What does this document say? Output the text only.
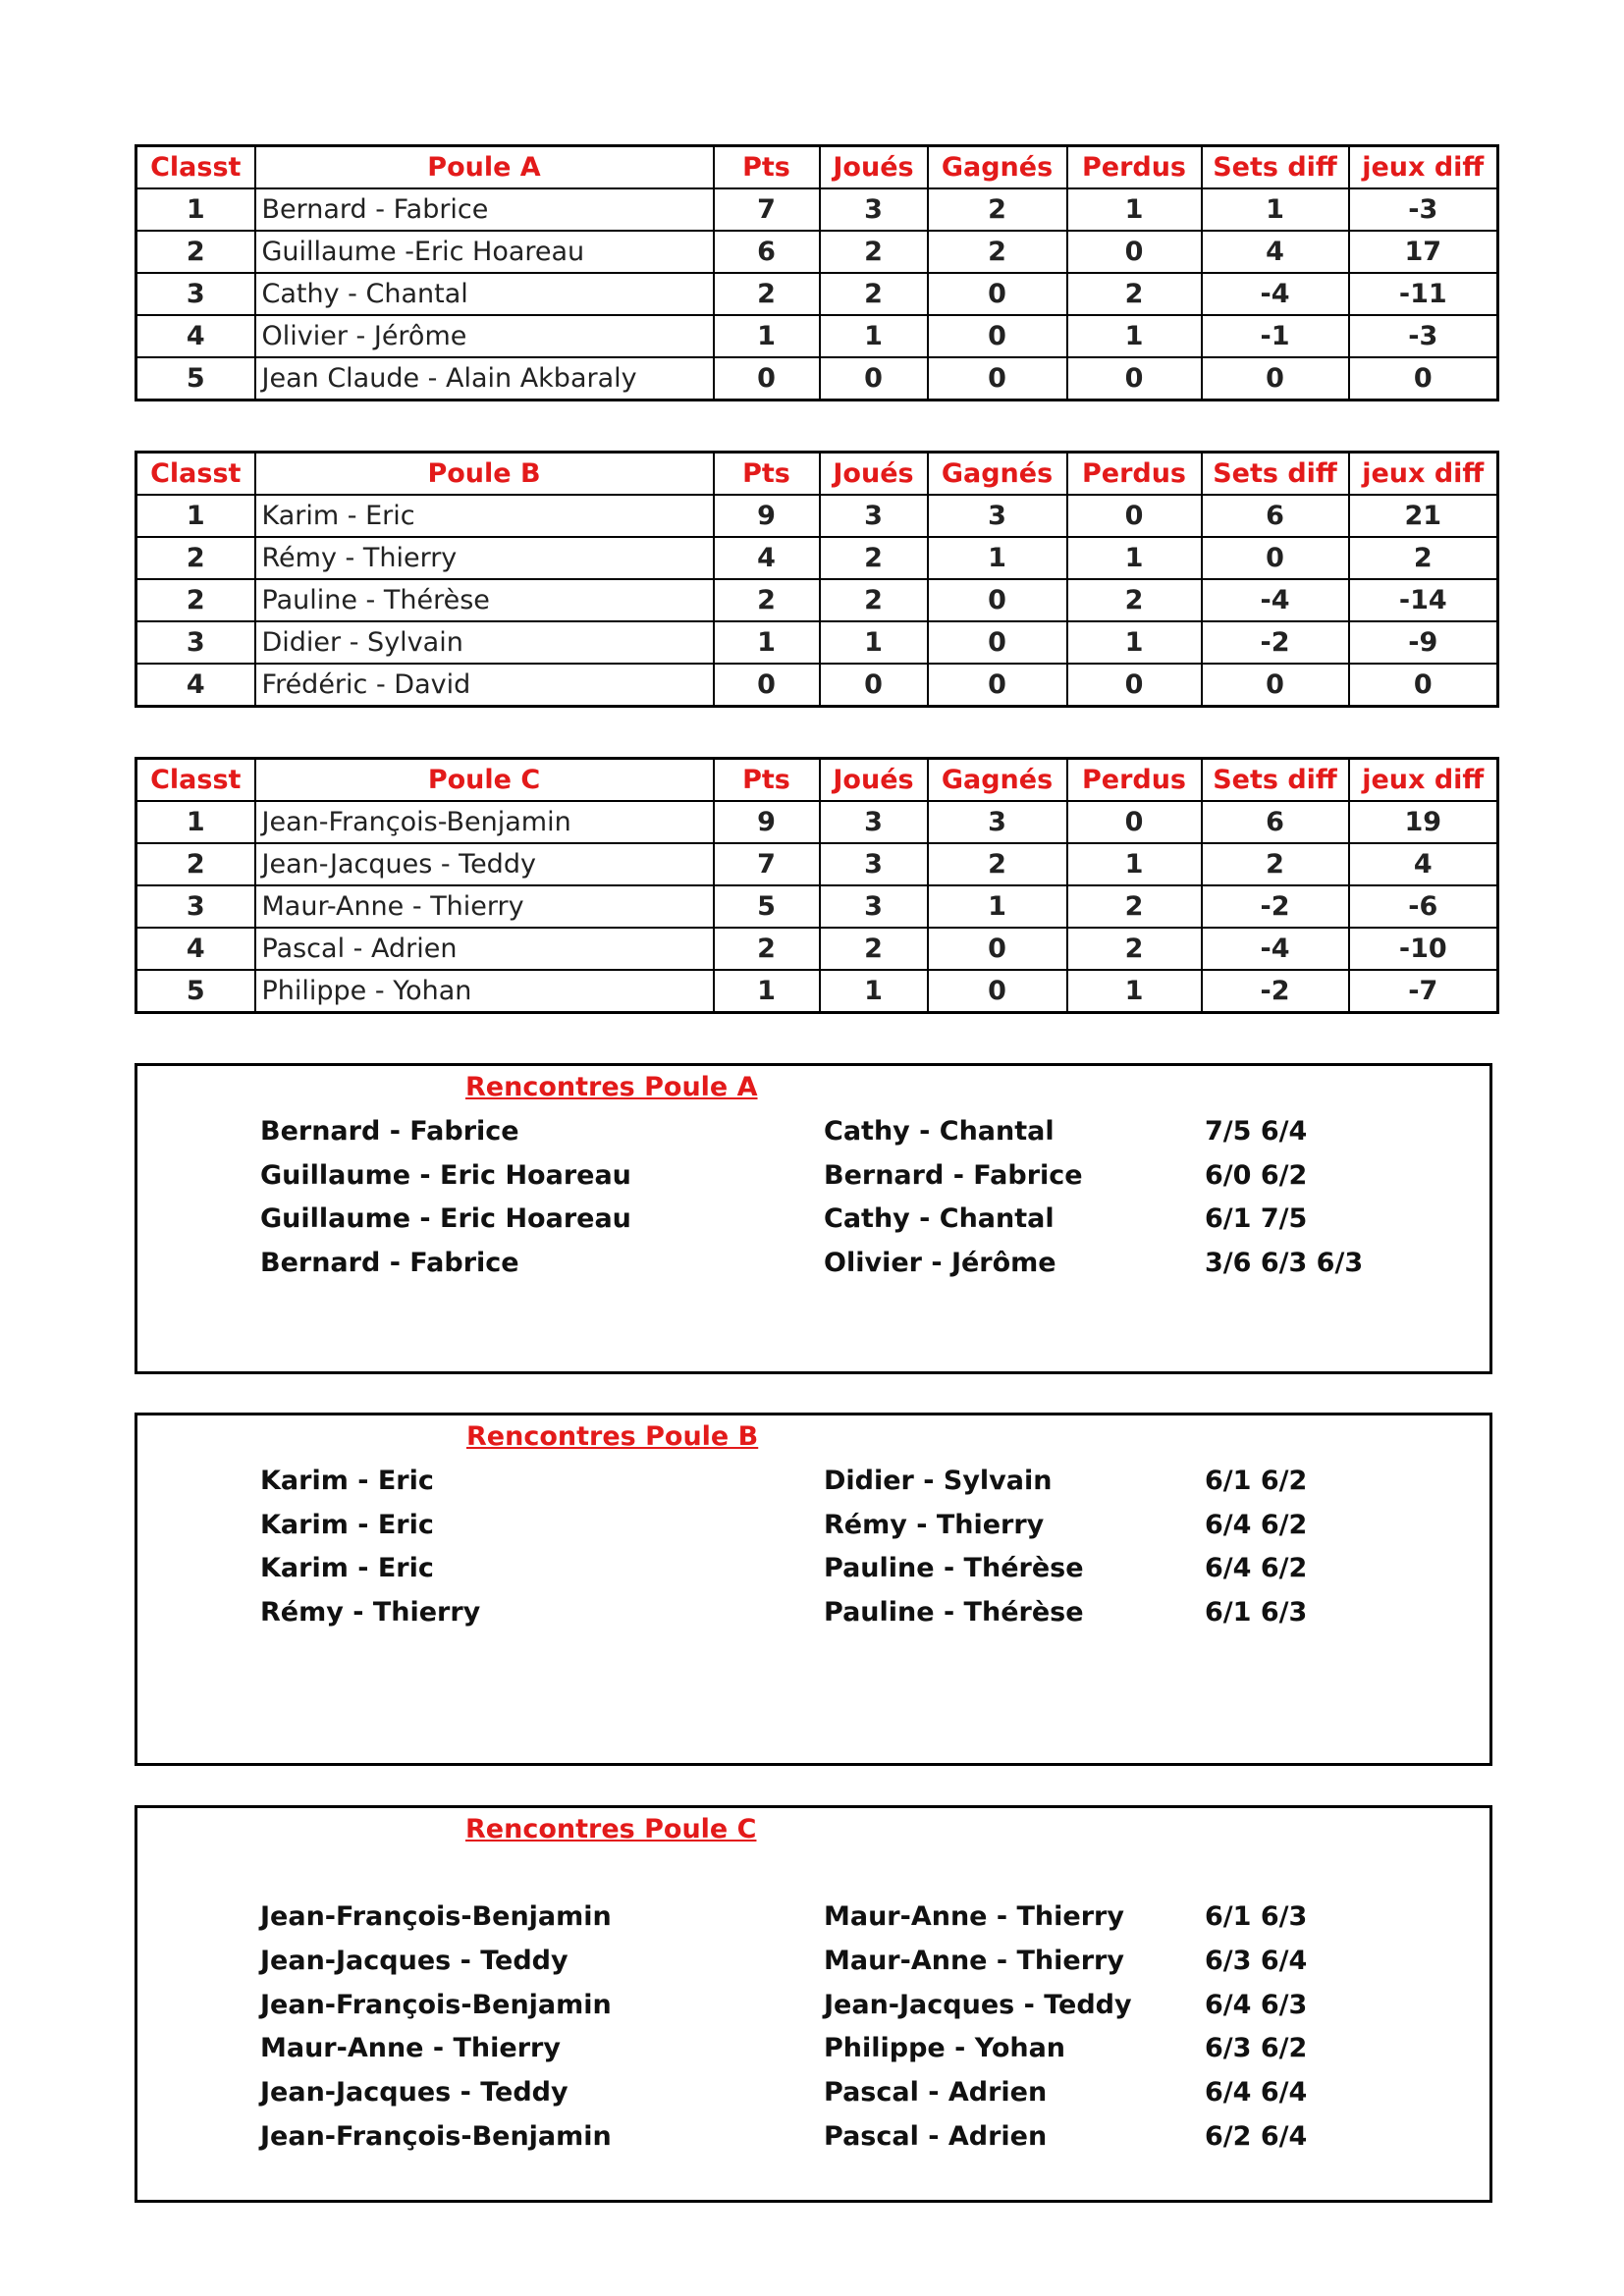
Classt	Poule A	Pts	Joués	Gagnés	Perdus	Sets diff	jeux diff
1	Bernard - Fabrice	7	3	2	1	1	-3
2	Guillaume -Eric Hoareau	6	2	2	0	4	17
3	Cathy - Chantal	2	2	0	2	-4	-11
4	Olivier - Jérôme	1	1	0	1	-1	-3
5	Jean Claude - Alain Akbaraly	0	0	0	0	0	0
Classt	Poule B	Pts	Joués	Gagnés	Perdus	Sets diff	jeux diff
1	Karim - Eric	9	3	3	0	6	21
2	Rémy - Thierry	4	2	1	1	0	2
2	Pauline - Thérèse	2	2	0	2	-4	-14
3	Didier - Sylvain	1	1	0	1	-2	-9
4	Frédéric - David	0	0	0	0	0	0
Classt	Poule C	Pts	Joués	Gagnés	Perdus	Sets diff	jeux diff
1	Jean-François-Benjamin	9	3	3	0	6	19
2	Jean-Jacques - Teddy	7	3	2	1	2	4
3	Maur-Anne - Thierry	5	3	1	2	-2	-6
4	Pascal - Adrien	2	2	0	2	-4	-10
5	Philippe - Yohan	1	1	0	1	-2	-7
Rencontres Poule A
Bernard - Fabrice	Cathy - Chantal	7/5 6/4
Guillaume - Eric Hoareau	Bernard - Fabrice	6/0 6/2
Guillaume - Eric Hoareau	Cathy - Chantal	6/1 7/5
Bernard - Fabrice	Olivier - Jérôme	3/6 6/3 6/3
Rencontres Poule B
Karim - Eric	Didier - Sylvain	6/1 6/2
Karim - Eric	Rémy - Thierry	6/4 6/2
Karim - Eric	Pauline - Thérèse	6/4 6/2
Rémy - Thierry	Pauline - Thérèse	6/1 6/3
Rencontres Poule C
Jean-François-Benjamin	Maur-Anne - Thierry	6/1 6/3
Jean-Jacques - Teddy	Maur-Anne - Thierry	6/3 6/4
Jean-François-Benjamin	Jean-Jacques - Teddy	6/4 6/3
Maur-Anne - Thierry	Philippe - Yohan	6/3 6/2
Jean-Jacques - Teddy	Pascal - Adrien	6/4 6/4
Jean-François-Benjamin	Pascal - Adrien	6/2 6/4
